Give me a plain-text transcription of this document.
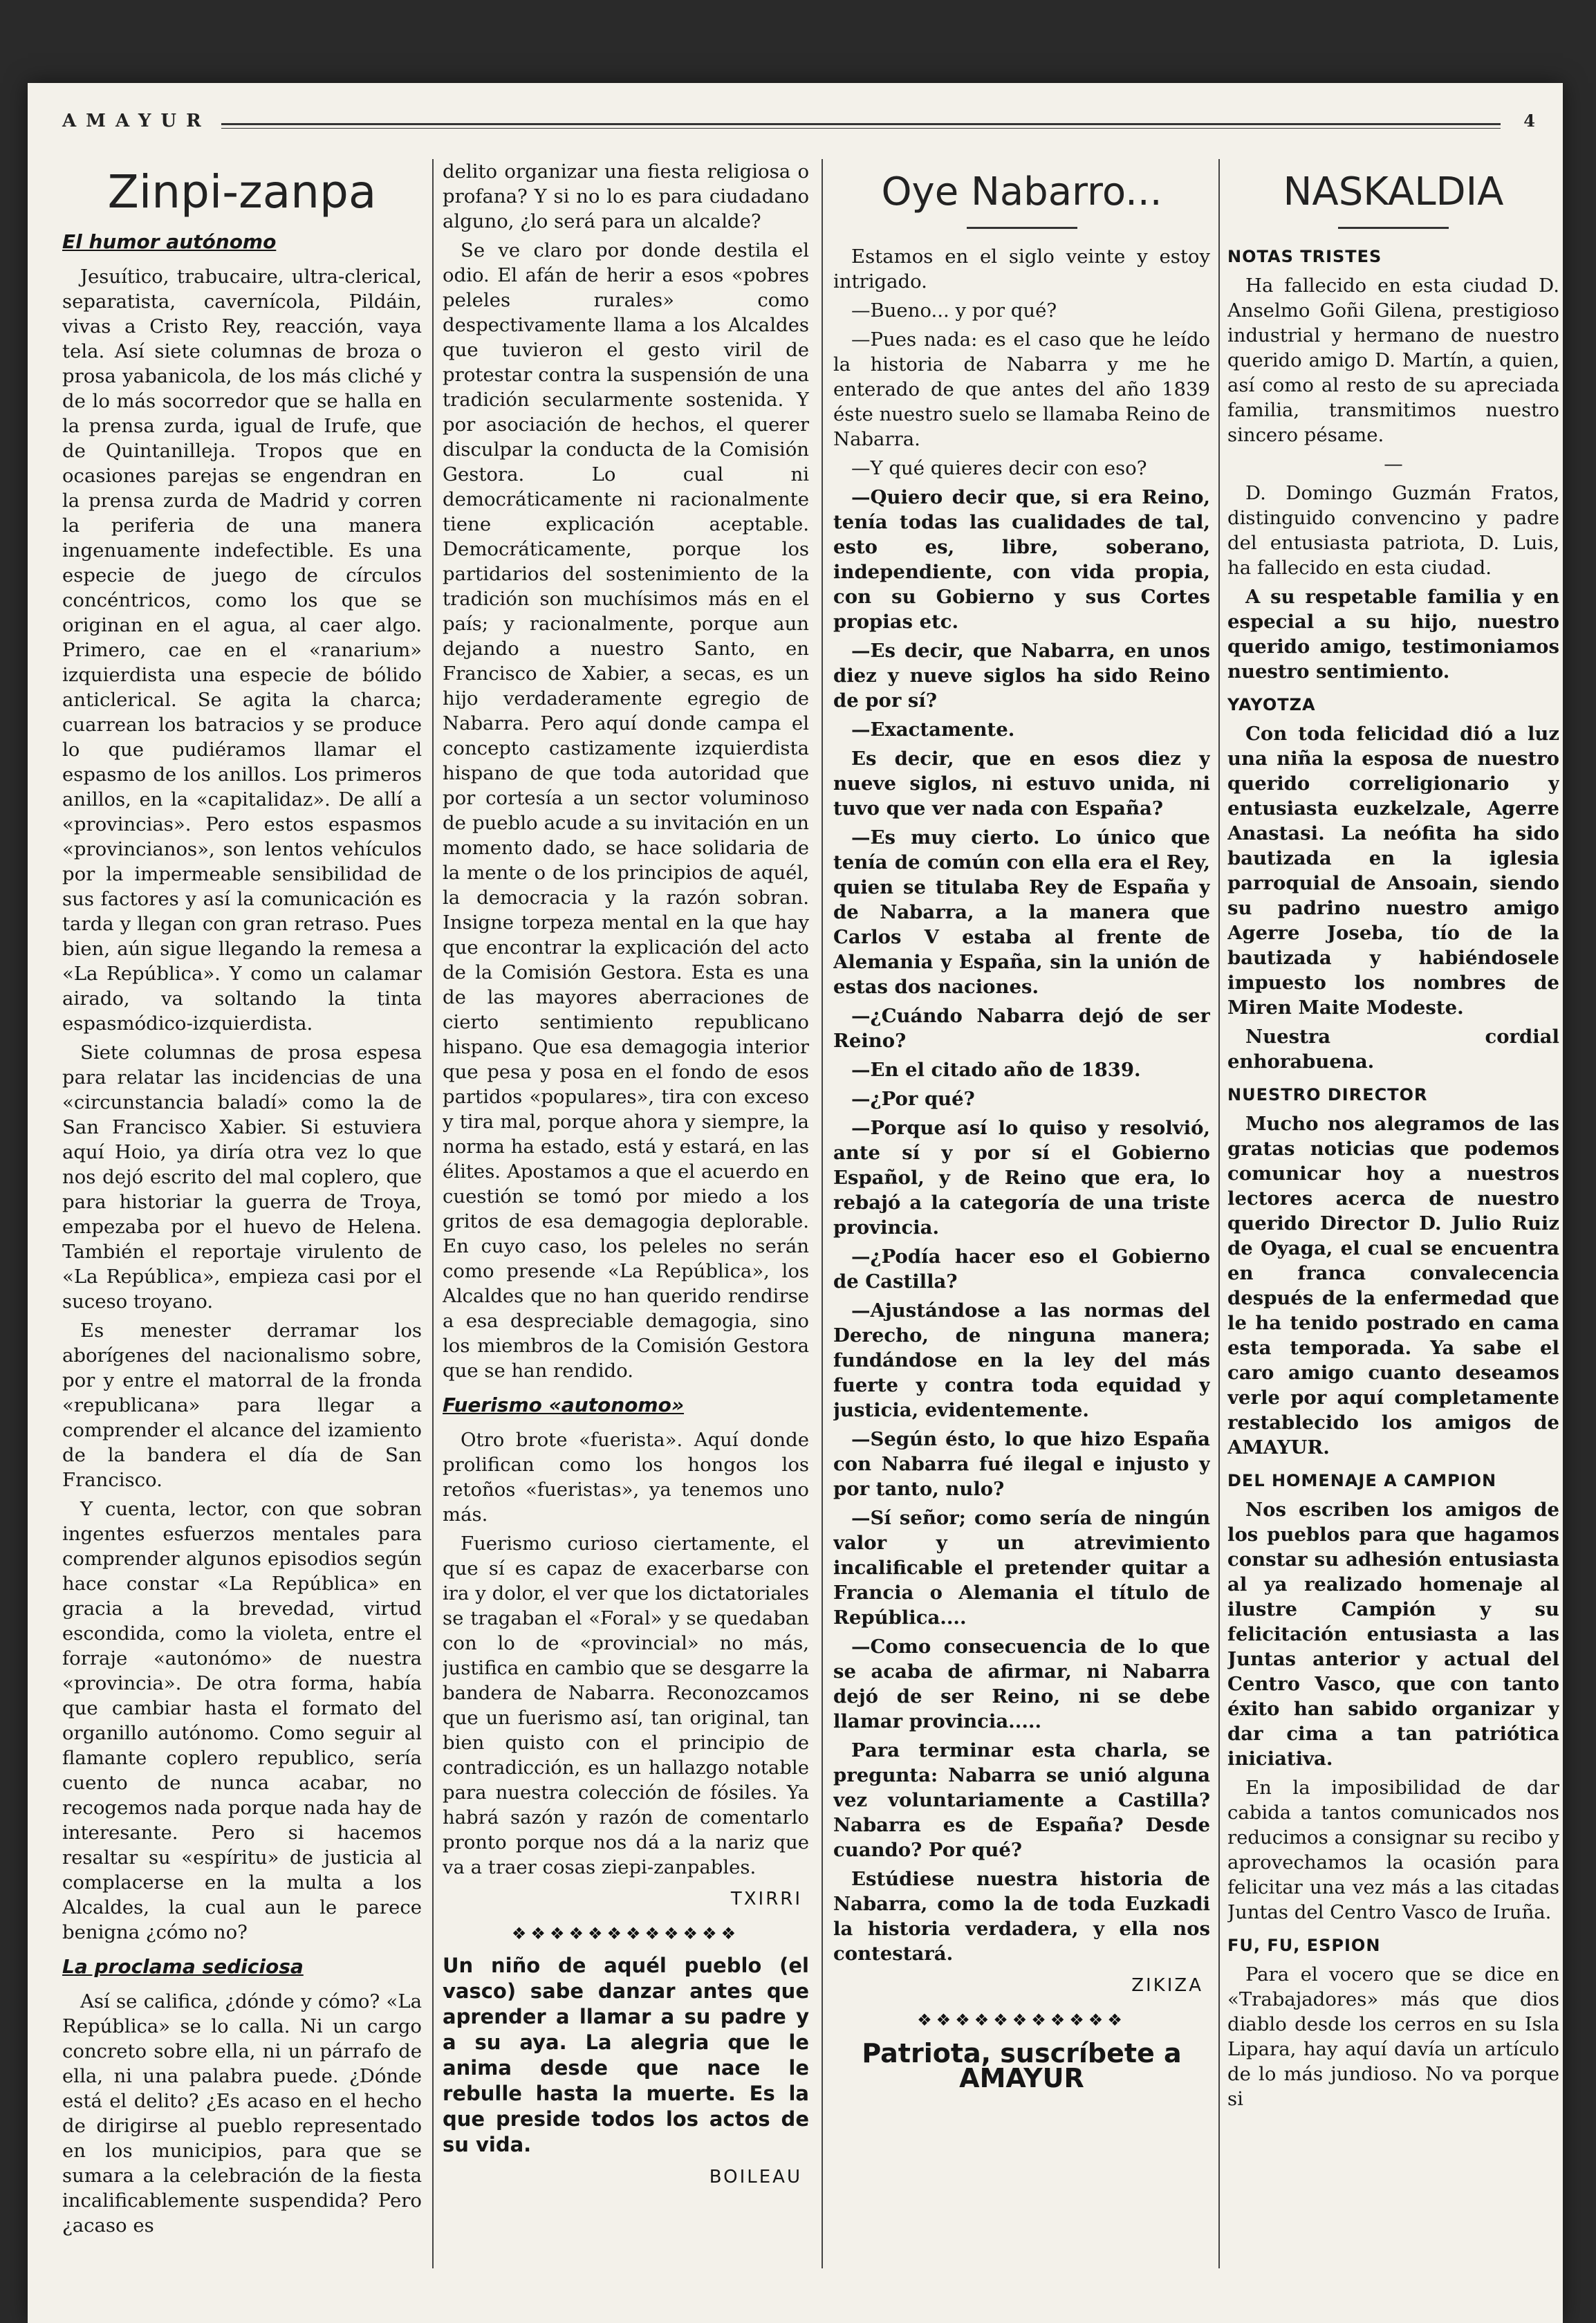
AMAYUR	4
Zinpi-zanpa
El humor autónomo

Jesuítico, trabucaire, ultra-clerical, separatista, cavernícola, Pildáin, vivas a Cristo Rey, reacción, vaya tela. Así siete columnas de broza o prosa yabanicola, de los más cliché y de lo más socorredor que se halla en la prensa zurda, igual de Irufe, que de Quintanilleja. Tropos que en ocasiones parejas se engendran en la prensa zurda de Madrid y corren la periferia de una manera ingenuamente indefectible. Es una especie de juego de círculos concéntricos, como los que se originan en el agua, al caer algo. Primero, cae en el «ranarium» izquierdista una especie de bólido anticlerical. Se agita la charca; cuarrean los batracios y se produce lo que pudiéramos llamar el espasmo de los anillos. Los primeros anillos, en la «capitalidaz». De allí a «provincias». Pero estos espasmos «provincianos», son lentos vehículos por la impermeable sensibilidad de sus factores y así la comunicación es tarda y llegan con gran retraso. Pues bien, aún sigue llegando la remesa a «La República». Y como un calamar airado, va soltando la tinta espasmódico-izquierdista.

Siete columnas de prosa espesa para relatar las incidencias de una «circunstancia baladí» como la de San Francisco Xabier. Si estuviera aquí Hoio, ya diría otra vez lo que nos dejó escrito del mal coplero, que para historiar la guerra de Troya, empezaba por el huevo de Helena. También el reportaje virulento de «La República», empieza casi por el suceso troyano.

Es menester derramar los aborígenes del nacionalismo sobre, por y entre el matorral de la fronda «republicana» para llegar a comprender el alcance del izamiento de la bandera el día de San Francisco.

Y cuenta, lector, con que sobran ingentes esfuerzos mentales para comprender algunos episodios según hace constar «La República» en gracia a la brevedad, virtud escondida, como la violeta, entre el forraje «autonómo» de nuestra «provincia». De otra forma, había que cambiar hasta el formato del organillo autónomo. Como seguir al flamante coplero republico, sería cuento de nunca acabar, no recogemos nada porque nada hay de interesante. Pero si hacemos resaltar su «espíritu» de justicia al complacerse en la multa a los Alcaldes, la cual aun le parece benigna ¿cómo no?

La proclama sediciosa

Así se califica, ¿dónde y cómo? «La República» se lo calla. Ni un cargo concreto sobre ella, ni un párrafo de ella, ni una palabra puede. ¿Dónde está el delito? ¿Es acaso en el hecho de dirigirse al pueblo representado en los municipios, para que se sumara a la celebración de la fiesta incalificablemente suspendida? Pero ¿acaso es

delito organizar una fiesta religiosa o profana? Y si no lo es para ciudadano alguno, ¿lo será para un alcalde?

Se ve claro por donde destila el odio. El afán de herir a esos «pobres peleles rurales» como despectivamente llama a los Alcaldes que tuvieron el gesto viril de protestar contra la suspensión de una tradición secularmente sostenida. Y por asociación de hechos, el querer disculpar la conducta de la Comisión Gestora. Lo cual ni democráticamente ni racionalmente tiene explicación aceptable. Democráticamente, porque los partidarios del sostenimiento de la tradición son muchísimos más en el país; y racionalmente, porque aun dejando a nuestro Santo, en Francisco de Xabier, a secas, es un hijo verdaderamente egregio de Nabarra. Pero aquí donde campa el concepto castizamente izquierdista hispano de que toda autoridad que por cortesía a un sector voluminoso de pueblo acude a su invitación en un momento dado, se hace solidaria de la mente o de los principios de aquél, la democracia y la razón sobran. Insigne torpeza mental en la que hay que encontrar la explicación del acto de la Comisión Gestora. Esta es una de las mayores aberraciones de cierto sentimiento republicano hispano. Que esa demagogia interior que pesa y posa en el fondo de esos partidos «populares», tira con exceso y tira mal, porque ahora y siempre, la norma ha estado, está y estará, en las élites. Apostamos a que el acuerdo en cuestión se tomó por miedo a los gritos de esa demagogia deplorable. En cuyo caso, los peleles no serán como presende «La República», los Alcaldes que no han querido rendirse a esa despreciable demagogia, sino los miembros de la Comisión Gestora que se han rendido.

Fuerismo «autonomo»

Otro brote «fuerista». Aquí donde prolifican como los hongos los retoños «fueristas», ya tenemos uno más.

Fuerismo curioso ciertamente, el que sí es capaz de exacerbarse con ira y dolor, el ver que los dictatoriales se tragaban el «Foral» y se quedaban con lo de «provincial» no más, justifica en cambio que se desgarre la bandera de Nabarra. Reconozcamos que un fuerismo así, tan original, tan bien quisto con el principio de contradicción, es un hallazgo notable para nuestra colección de fósiles. Ya habrá sazón y razón de comentarlo pronto porque nos dá a la nariz que va a traer cosas ziepi-zanpables.

TXIRRI
❖❖❖❖❖❖❖❖❖❖❖❖
Un niño de aquél pueblo (el vasco) sabe danzar antes que aprender a llamar a su padre y a su aya. La alegria que le anima desde que nace le rebulle hasta la muerte. Es la que preside todos los actos de su vida.
BOILEAU
Oye Nabarro...

Estamos en el siglo veinte y estoy intrigado.

—Bueno... y por qué?

—Pues nada: es el caso que he leído la historia de Nabarra y me he enterado de que antes del año 1839 éste nuestro suelo se llamaba Reino de Nabarra.

—Y qué quieres decir con eso?

—Quiero decir que, si era Reino, tenía todas las cualidades de tal, esto es, libre, soberano, independiente, con vida propia, con su Gobierno y sus Cortes propias etc.

—Es decir, que Nabarra, en unos diez y nueve siglos ha sido Reino de por sí?

—Exactamente.

Es decir, que en esos diez y nueve siglos, ni estuvo unida, ni tuvo que ver nada con España?

—Es muy cierto. Lo único que tenía de común con ella era el Rey, quien se titulaba Rey de España y de Nabarra, a la manera que Carlos V estaba al frente de Alemania y España, sin la unión de estas dos naciones.

—¿Cuándo Nabarra dejó de ser Reino?

—En el citado año de 1839.

—¿Por qué?

—Porque así lo quiso y resolvió, ante sí y por sí el Gobierno Español, y de Reino que era, lo rebajó a la categoría de una triste provincia.

—¿Podía hacer eso el Gobierno de Castilla?

—Ajustándose a las normas del Derecho, de ninguna manera; fundándose en la ley del más fuerte y contra toda equidad y justicia, evidentemente.

—Según ésto, lo que hizo España con Nabarra fué ilegal e injusto y por tanto, nulo?

—Sí señor; como sería de ningún valor y un atrevimiento incalificable el pretender quitar a Francia o Alemania el título de República....

—Como consecuencia de lo que se acaba de afirmar, ni Nabarra dejó de ser Reino, ni se debe llamar provincia.....

Para terminar esta charla, se pregunta: Nabarra se unió alguna vez voluntariamente a Castilla? Nabarra es de España? Desde cuando? Por qué?

Estúdiese nuestra historia de Nabarra, como la de toda Euzkadi la historia verdadera, y ella nos contestará.

ZIKIZA
❖❖❖❖❖❖❖❖❖❖❖
Patriota, suscríbete a AMAYUR
NASKALDIA
NOTAS TRISTES

Ha fallecido en esta ciudad D. Anselmo Goñi Gilena, prestigioso industrial y hermano de nuestro querido amigo D. Martín, a quien, así como al resto de su apreciada familia, transmitimos nuestro sincero pésame.

—

D. Domingo Guzmán Fratos, distinguido convencino y padre del entusiasta patriota, D. Luis, ha fallecido en esta ciudad.

A su respetable familia y en especial a su hijo, nuestro querido amigo, testimoniamos nuestro sentimiento.

YAYOTZA

Con toda felicidad dió a luz una niña la esposa de nuestro querido correligionario y entusiasta euzkelzale, Agerre Anastasi. La neófita ha sido bautizada en la iglesia parroquial de Ansoain, siendo su padrino nuestro amigo Agerre Joseba, tío de la bautizada y habiéndosele impuesto los nombres de Miren Maite Modeste.

Nuestra cordial enhorabuena.

NUESTRO DIRECTOR

Mucho nos alegramos de las gratas noticias que podemos comunicar hoy a nuestros lectores acerca de nuestro querido Director D. Julio Ruiz de Oyaga, el cual se encuentra en franca convalecencia después de la enfermedad que le ha tenido postrado en cama esta temporada. Ya sabe el caro amigo cuanto deseamos verle por aquí completamente restablecido los amigos de AMAYUR.

DEL HOMENAJE A CAMPION

Nos escriben los amigos de los pueblos para que hagamos constar su adhesión entusiasta al ya realizado homenaje al ilustre Campión y su felicitación entusiasta a las Juntas anterior y actual del Centro Vasco, que con tanto éxito han sabido organizar y dar cima a tan patriótica iniciativa.

En la imposibilidad de dar cabida a tantos comunicados nos reducimos a consignar su recibo y aprovechamos la ocasión para felicitar una vez más a las citadas Juntas del Centro Vasco de Iruña.

FU, FU, ESPION

Para el vocero que se dice en «Trabajadores» más que dios diablo desde los cerros en su Isla Lipara, hay aquí davía un artículo de lo más jundioso. No va porque si
